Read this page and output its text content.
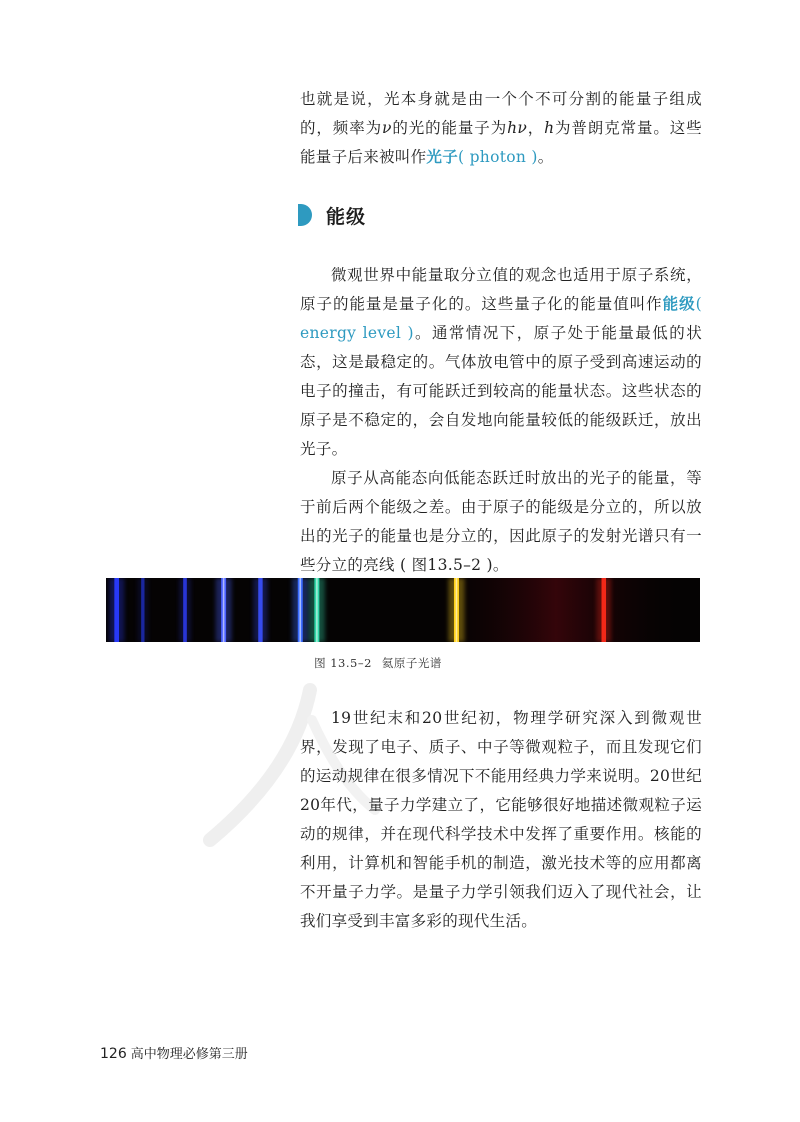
也就是说，光本身就是由一个个不可分割的能量子组成的，频率为ν的光的能量子为hν，h为普朗克常量。这些能量子后来被叫作光子( photon )。

能级

微观世界中能量取分立值的观念也适用于原子系统，原子的能量是量子化的。这些量子化的能量值叫作能级( energy level )。通常情况下，原子处于能量最低的状态，这是最稳定的。气体放电管中的原子受到高速运动的电子的撞击，有可能跃迁到较高的能量状态。这些状态的原子是不稳定的，会自发地向能量较低的能级跃迁，放出光子。

原子从高能态向低能态跃迁时放出的光子的能量，等于前后两个能级之差。由于原子的能级是分立的，所以放出的光子的能量也是分立的，因此原子的发射光谱只有一些分立的亮线 ( 图13.5–2 )。

图 13.5–2 氦原子光谱

19世纪末和20世纪初，物理学研究深入到微观世界，发现了电子、质子、中子等微观粒子，而且发现它们的运动规律在很多情况下不能用经典力学来说明。20世纪20年代，量子力学建立了，它能够很好地描述微观粒子运动的规律，并在现代科学技术中发挥了重要作用。核能的利用，计算机和智能手机的制造，激光技术等的应用都离不开量子力学。是量子力学引领我们迈入了现代社会，让我们享受到丰富多彩的现代生活。

126 高中物理必修第三册
